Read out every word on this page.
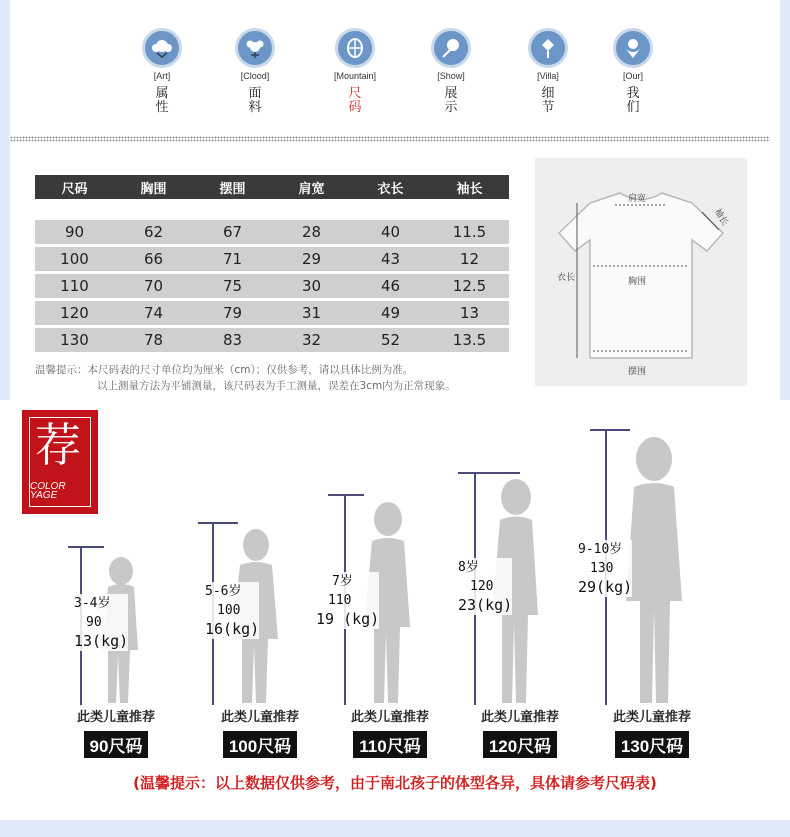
[Art]
属性
[Clood]
面料
[Mountain]
尺码
[Show]
展示
[Villa]
细节
[Our]
我们
尺码	胸围	摆围	肩宽	衣长	袖长
90	62	67	28	40	11.5
100	66	71	29	43	12
110	70	75	30	46	12.5
120	74	79	31	49	13
130	78	83	32	52	13.5
温馨提示：本尺码表的尺寸单位均为厘米（cm）；仅供参考，请以具体比例为准。
以上测量方法为平铺测量，该尺码表为手工测量，误差在3cm内为正常现象。
肩宽
袖长
衣长	胸围
摆围
荐
COLOR
YAGE
3-4岁
90
13(kg)
5-6岁
100
16(kg)
7岁
110
19 (kg)
8岁
120
23(kg)
9-10岁
130
29(kg)
此类儿童推荐
90尺码
此类儿童推荐
100尺码
此类儿童推荐
110尺码
此类儿童推荐
120尺码
此类儿童推荐
130尺码
(温馨提示：以上数据仅供参考，由于南北孩子的体型各异，具体请参考尺码表)
